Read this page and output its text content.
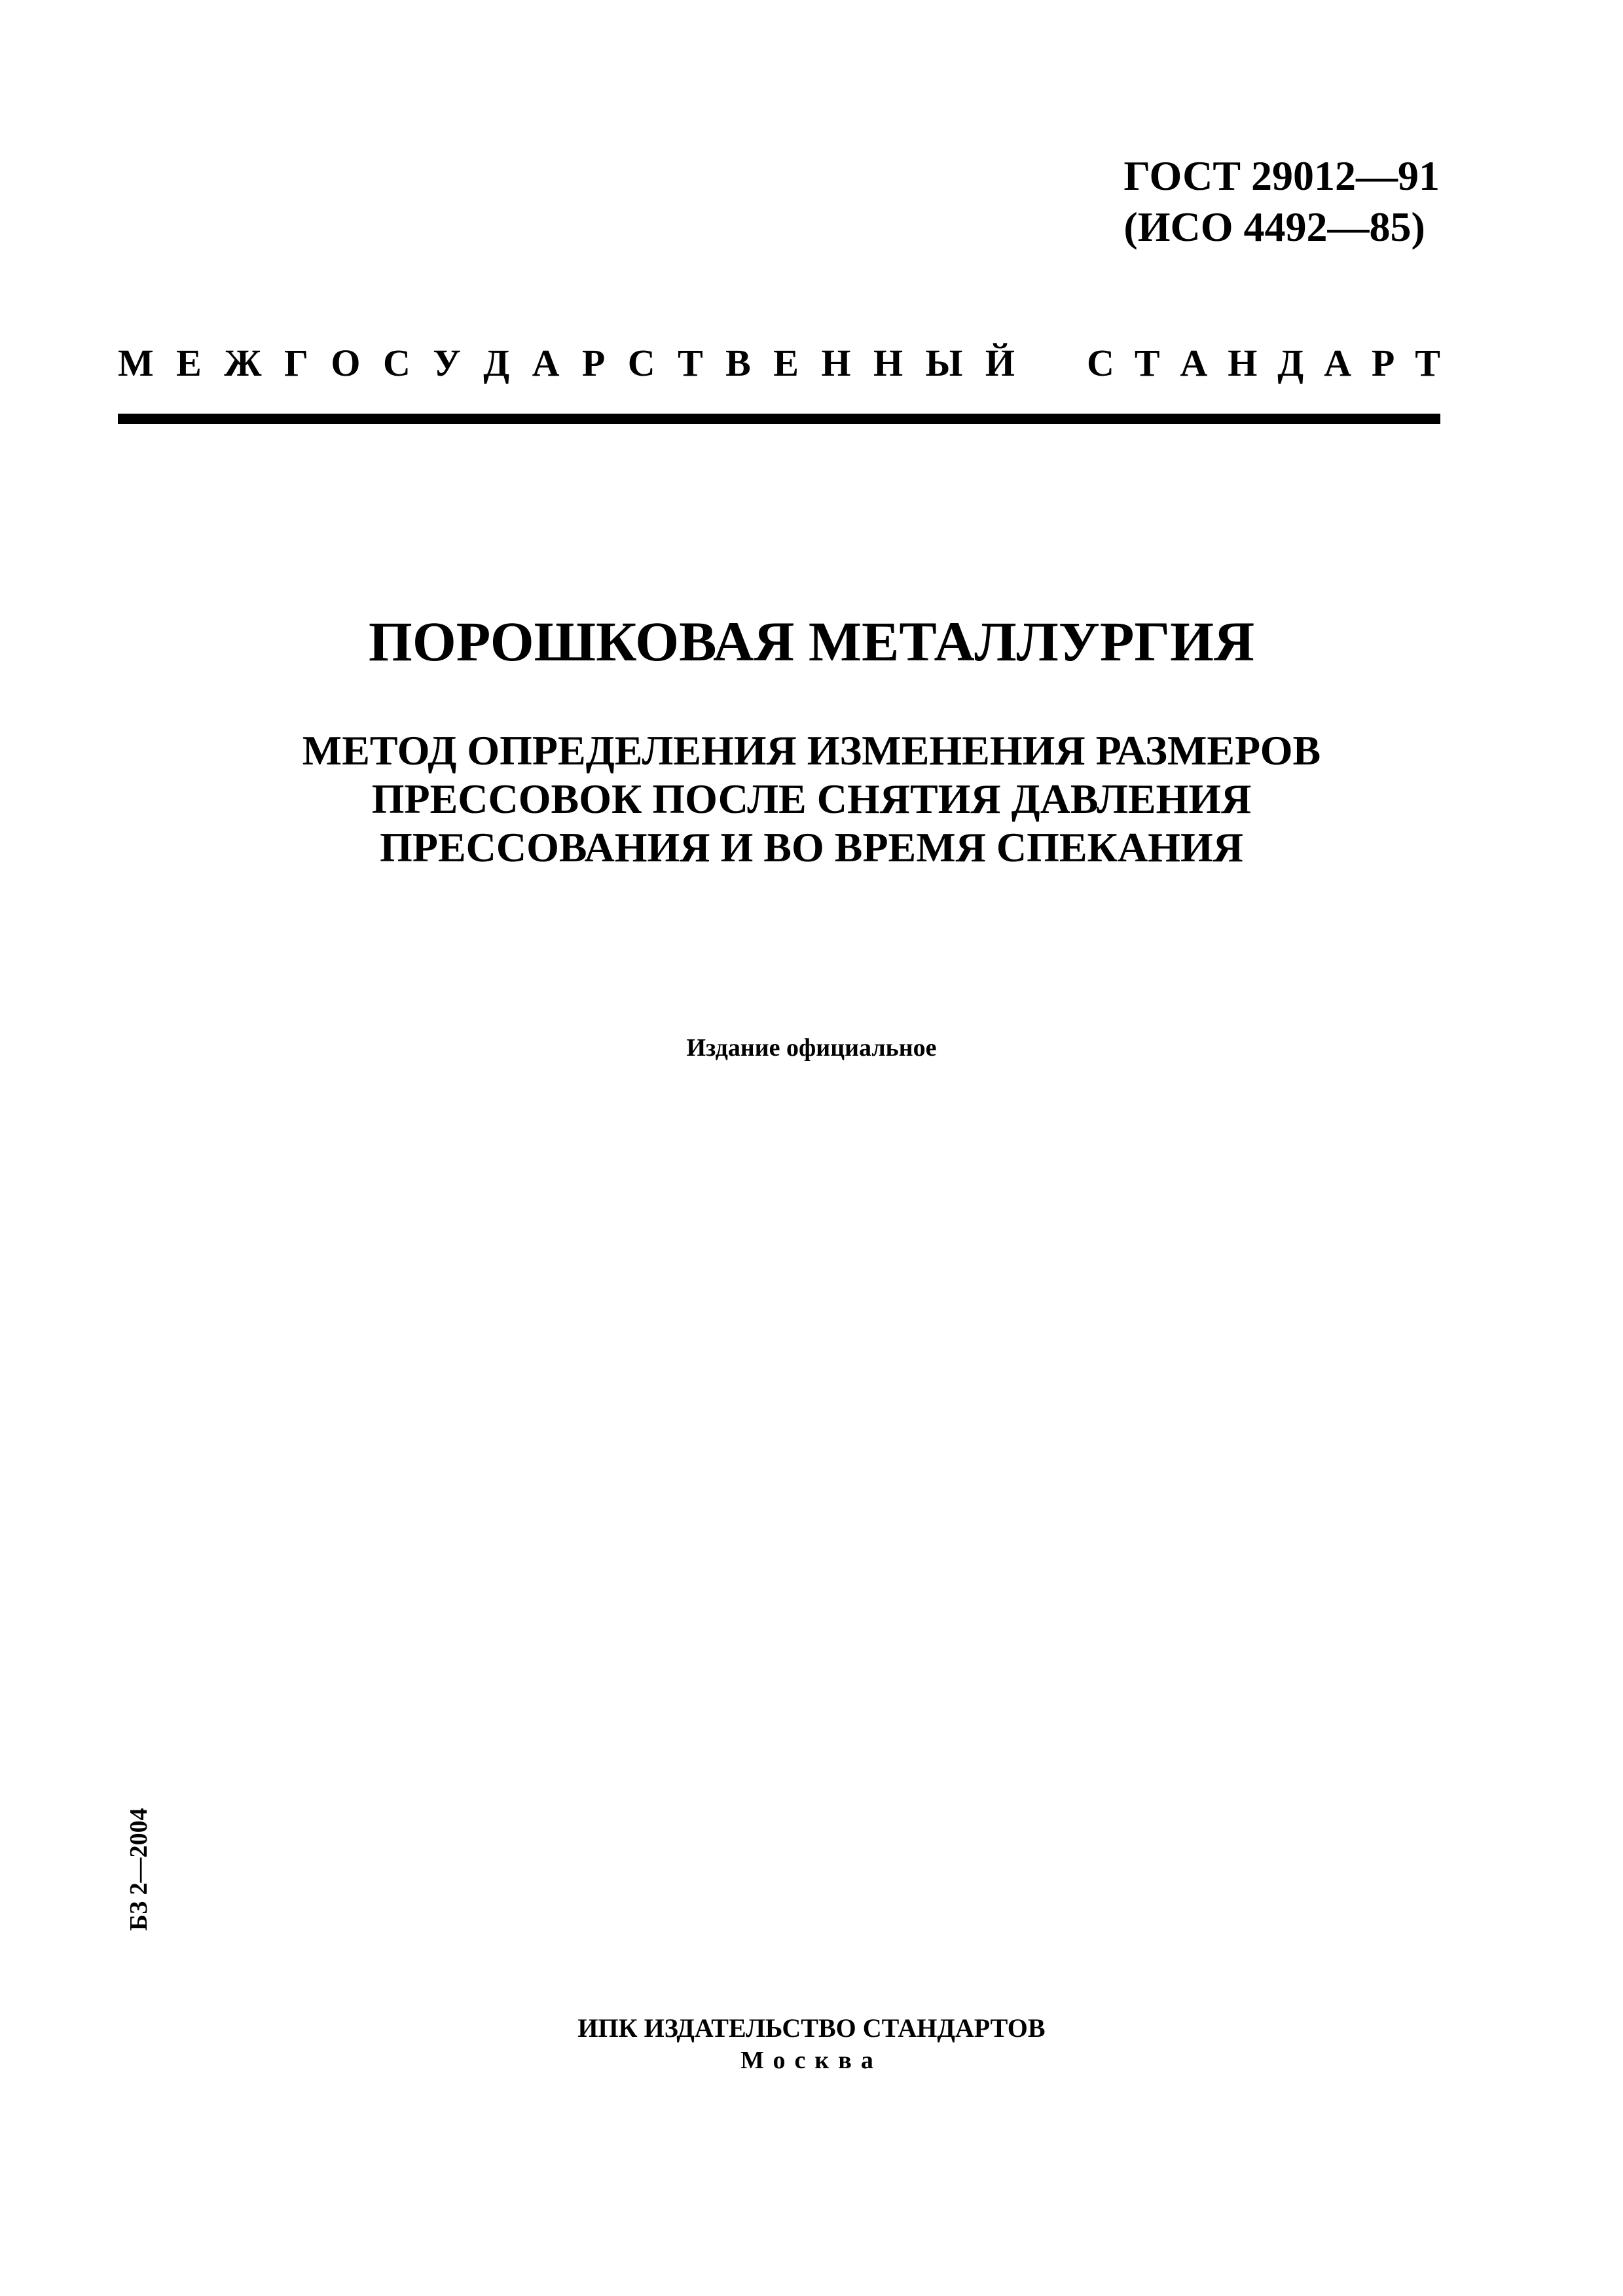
ГОСТ 29012—91
(ИСО 4492—85)
М Е Ж Г О С У Д А Р С Т В Е Н Н Ы Й С Т А Н Д А Р Т
ПОРОШКОВАЯ МЕТАЛЛУРГИЯ
МЕТОД ОПРЕДЕЛЕНИЯ ИЗМЕНЕНИЯ РАЗМЕРОВ
ПРЕССОВОК ПОСЛЕ СНЯТИЯ ДАВЛЕНИЯ
ПРЕССОВАНИЯ И ВО ВРЕМЯ СПЕКАНИЯ
Издание официальное
БЗ 2—2004
ИПК ИЗДАТЕЛЬСТВО СТАНДАРТОВ
Москва
